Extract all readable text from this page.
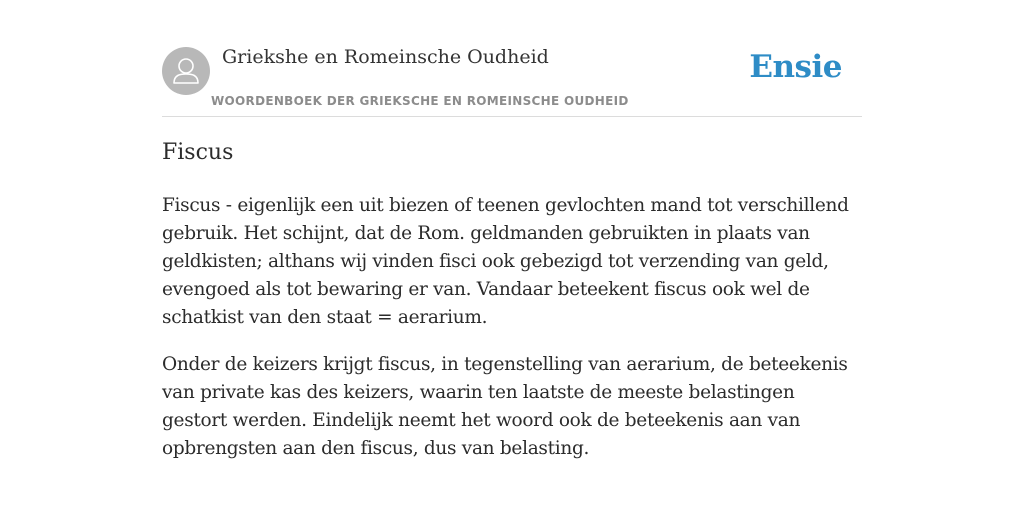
Griekshe en Romeinsche Oudheid
WOORDENBOEK DER GRIEKSCHE EN ROMEINSCHE OUDHEID
Ensie
Fiscus

Fiscus - eigenlijk een uit biezen of teenen gevlochten mand tot verschillend gebruik. Het schijnt, dat de Rom. geldmanden gebruikten in plaats van geldkisten; althans wij vinden fisci ook gebezigd tot verzending van geld, evengoed als tot bewaring er van. Vandaar beteekent fiscus ook wel de schatkist van den staat = aerarium.

Onder de keizers krijgt fiscus, in tegenstelling van aerarium, de beteekenis van private kas des keizers, waarin ten laatste de meeste belastingen gestort werden. Eindelijk neemt het woord ook de beteekenis aan van opbrengsten aan den fiscus, dus van belasting.
